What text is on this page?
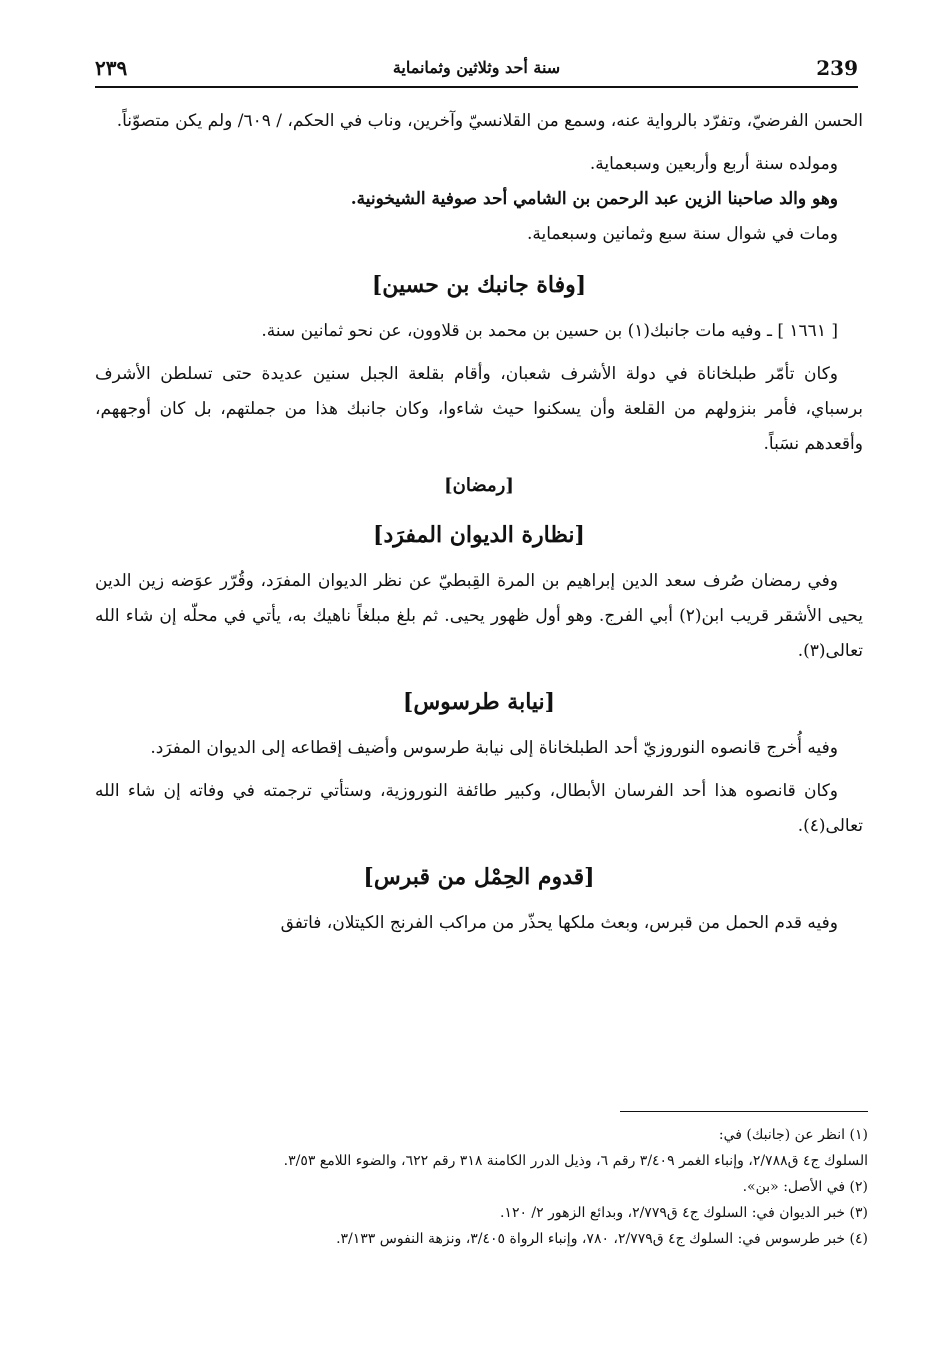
٢٣٩	سنة أحد وثلاثين وثمانماية	239

الحسن الفرضيّ، وتفرّد بالرواية عنه، وسمع من القلانسيّ وآخرين، وناب في الحكم، / ٦٠٩/ ولم يكن متصوّناً.

ومولده سنة أربع وأربعين وسبعماية.

وهو والد صاحبنا الزين عبد الرحمن بن الشامي أحد صوفية الشيخونية.

ومات في شوال سنة سبع وثمانين وسبعماية.

[وفاة جانبك بن حسين]

[ ١٦٦١ ] ـ وفيه مات جانبك(١) بن حسين بن محمد بن قلاوون، عن نحو ثمانين سنة.

وكان تأمّر طبلخاناة في دولة الأشرف شعبان، وأقام بقلعة الجبل سنين عديدة حتى تسلطن الأشرف برسباي، فأمر بنزولهم من القلعة وأن يسكنوا حيث شاءوا، وكان جانبك هذا من جملتهم، بل كان أوجههم، وأقعدهم نسَباً.

[رمضان]
[نظارة الديوان المفرَد]

وفي رمضان صُرف سعد الدين إبراهيم بن المرة القِبطيّ عن نظر الديوان المفرَد، وقُرّر عوَضه زين الدين يحيى الأشقر قريب ابن(٢) أبي الفرج. وهو أول ظهور يحيى. ثم بلغ مبلغاً ناهيك به، يأتي في محلّه إن شاء الله تعالى(٣).

[نيابة طرسوس]

وفيه أُخرج قانصوه النوروزيّ أحد الطبلخاناة إلى نيابة طرسوس وأضيف إقطاعه إلى الديوان المفرَد.

وكان قانصوه هذا أحد الفرسان الأبطال، وكبير طائفة النوروزية، وستأتي ترجمته في وفاته إن شاء الله تعالى(٤).

[قدوم الحِمْل من قبرس]

وفيه قدم الحمل من قبرس، وبعث ملكها يحذّر من مراكب الفرنج الكيتلان، فاتفق

(١) انظر عن (جانبك) في:

السلوك ج٤ ق٢/٧٨٨، وإنباء الغمر ٣/٤٠٩ رقم ٦، وذيل الدرر الكامنة ٣١٨ رقم ٦٢٢، والضوء اللامع ٣/٥٣.

(٢) في الأصل: «بن».

(٣) خبر الديوان في: السلوك ج٤ ق٢/٧٧٩، وبدائع الزهور ٢/ ١٢٠.

(٤) خبر طرسوس في: السلوك ج٤ ق٢/٧٧٩، ٧٨٠، وإنباء الرواة ٣/٤٠٥، ونزهة النفوس ٣/١٣٣.
